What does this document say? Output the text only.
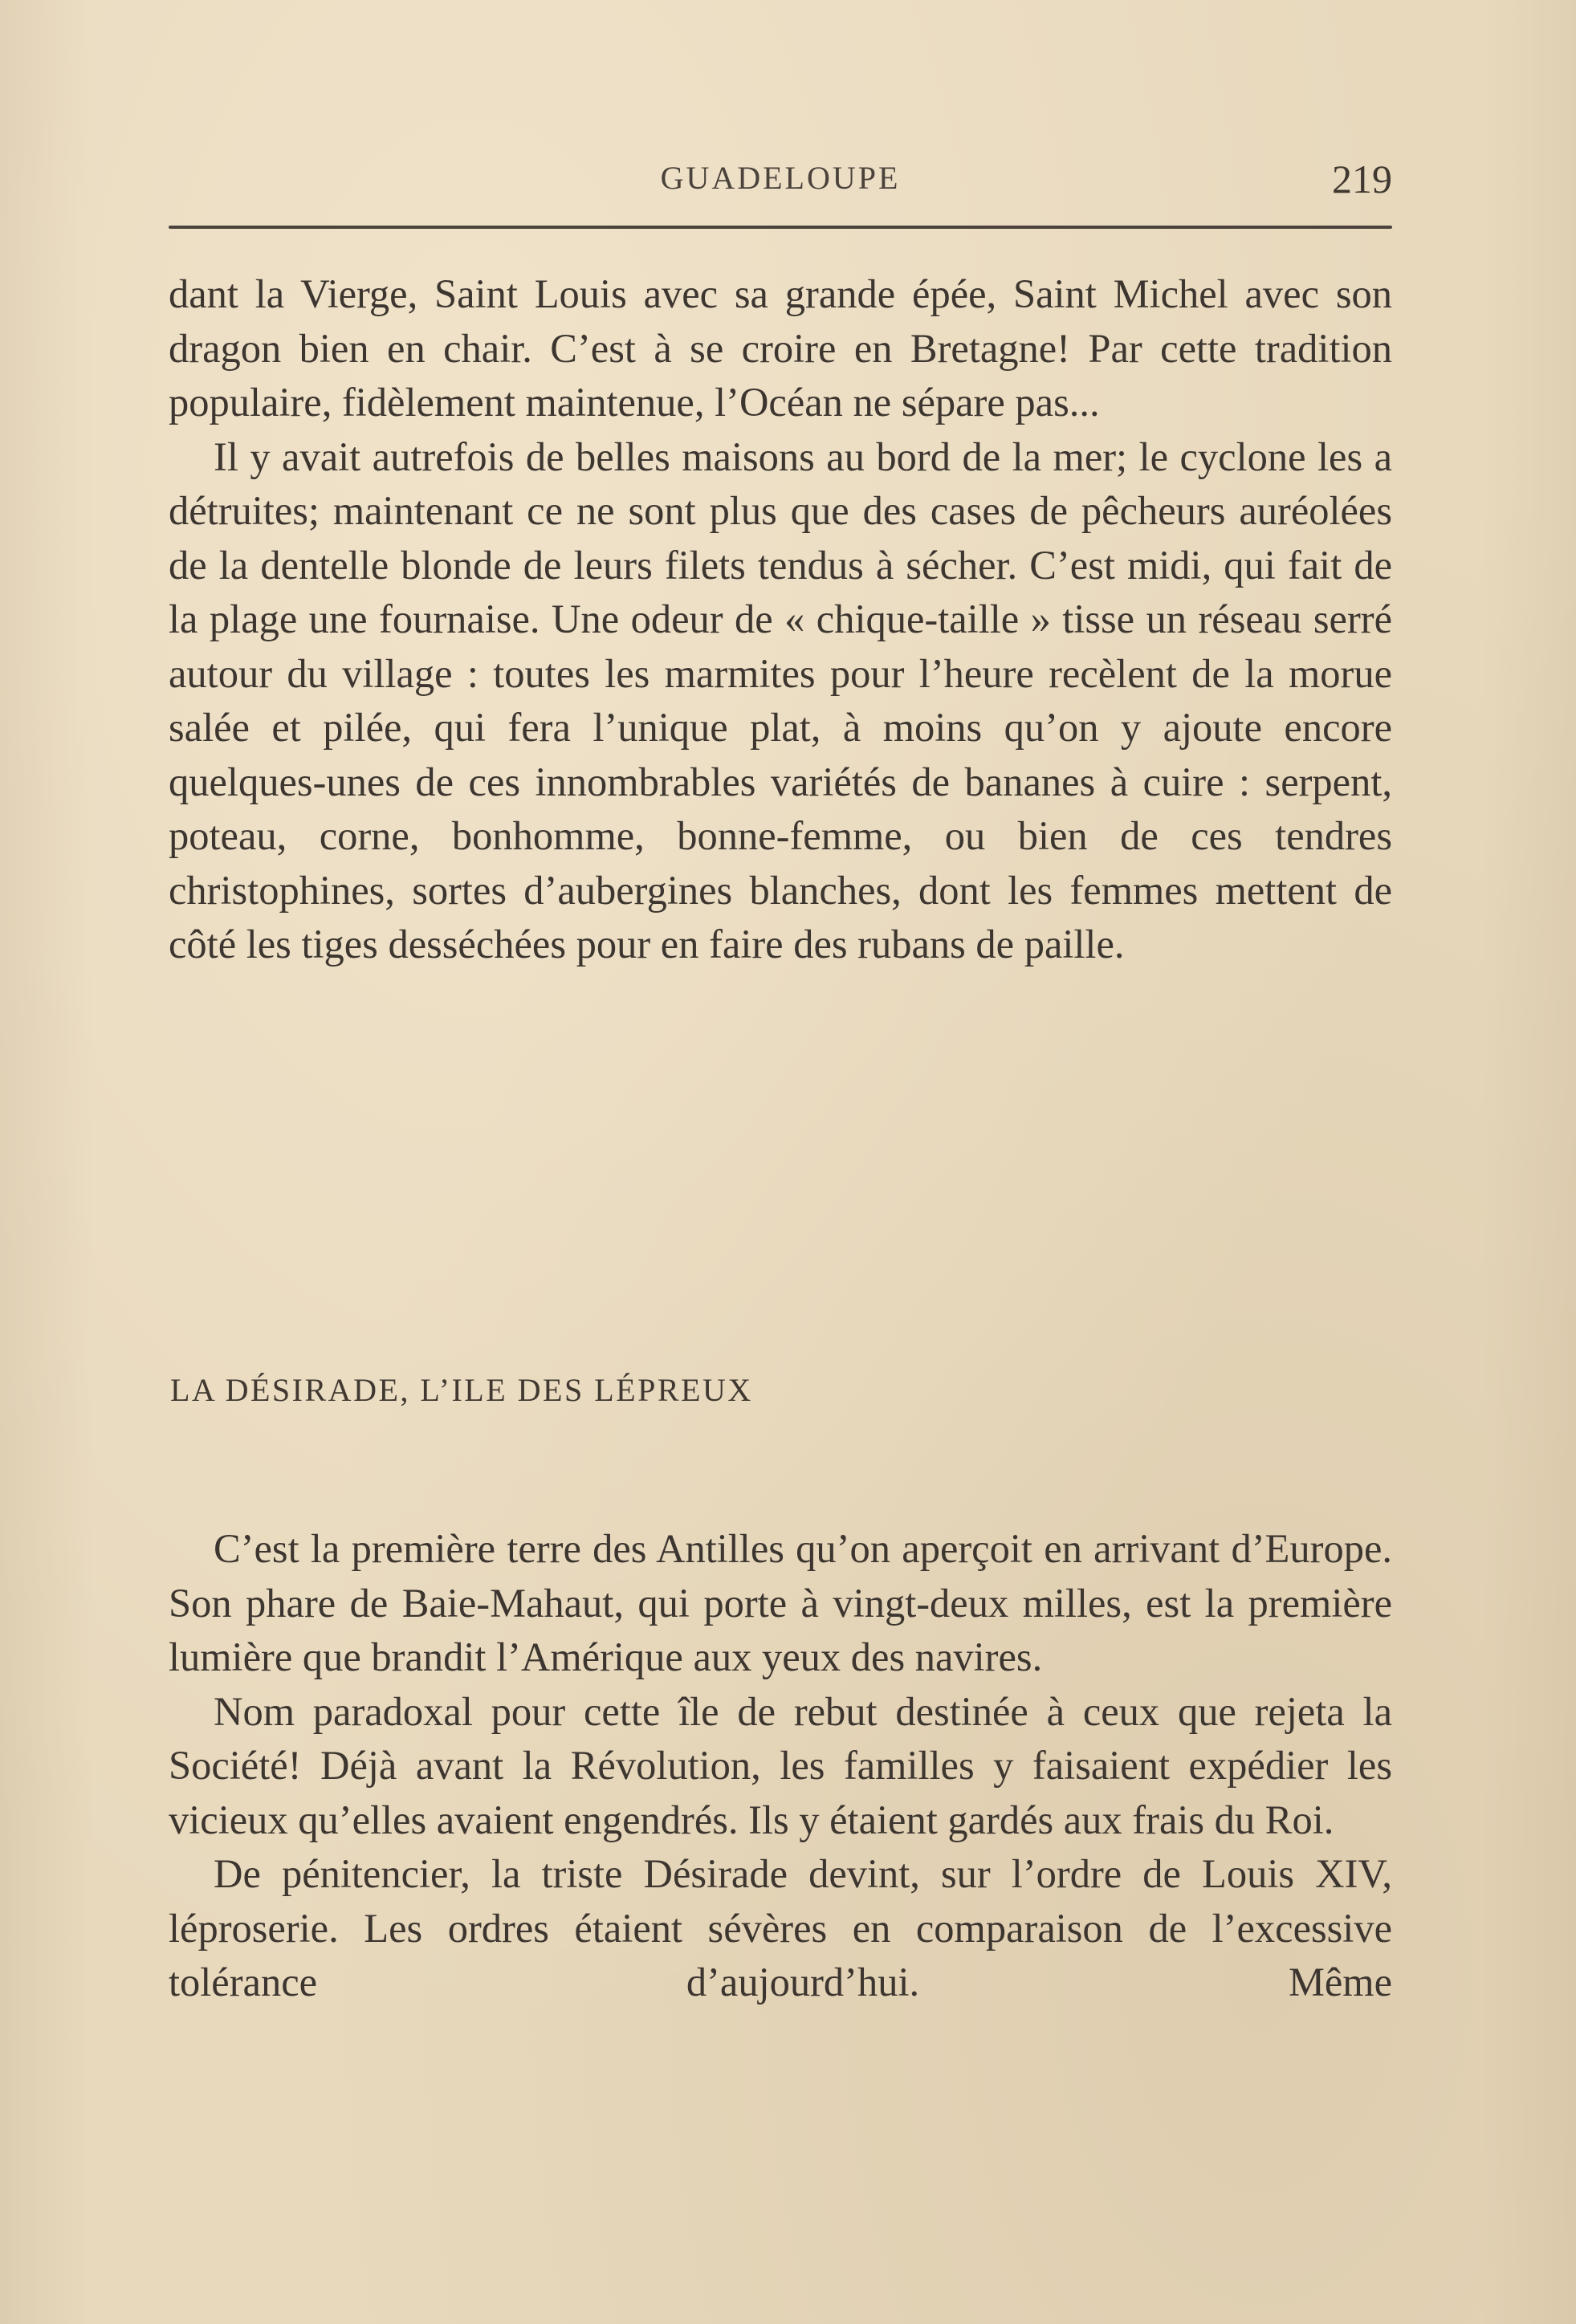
GUADELOUPE	219

dant la Vierge, Saint Louis avec sa grande épée, Saint Michel avec son dragon bien en chair. C’est à se croire en Bretagne! Par cette tradition populaire, fidèlement maintenue, l’Océan ne sépare pas...

Il y avait autrefois de belles maisons au bord de la mer; le cyclone les a détruites; maintenant ce ne sont plus que des cases de pêcheurs auréolées de la dentelle blonde de leurs filets tendus à sécher. C’est midi, qui fait de la plage une fournaise. Une odeur de « chique-taille » tisse un réseau serré autour du village : toutes les marmites pour l’heure recèlent de la morue salée et pilée, qui fera l’unique plat, à moins qu’on y ajoute encore quelques-unes de ces innombrables variétés de bananes à cuire : serpent, poteau, corne, bonhomme, bonne-femme, ou bien de ces tendres christophines, sortes d’aubergines blanches, dont les femmes mettent de côté les tiges desséchées pour en faire des rubans de paille.

LA DÉSIRADE, L’ILE DES LÉPREUX

C’est la première terre des Antilles qu’on aperçoit en arrivant d’Europe. Son phare de Baie-Mahaut, qui porte à vingt-deux milles, est la première lumière que brandit l’Amérique aux yeux des navires.

Nom paradoxal pour cette île de rebut destinée à ceux que rejeta la Société! Déjà avant la Révolution, les familles y faisaient expédier les vicieux qu’elles avaient engendrés. Ils y étaient gardés aux frais du Roi.

De pénitencier, la triste Désirade devint, sur l’ordre de Louis XIV, léproserie. Les ordres étaient sévères en comparaison de l’excessive tolérance d’aujourd’hui. Même
